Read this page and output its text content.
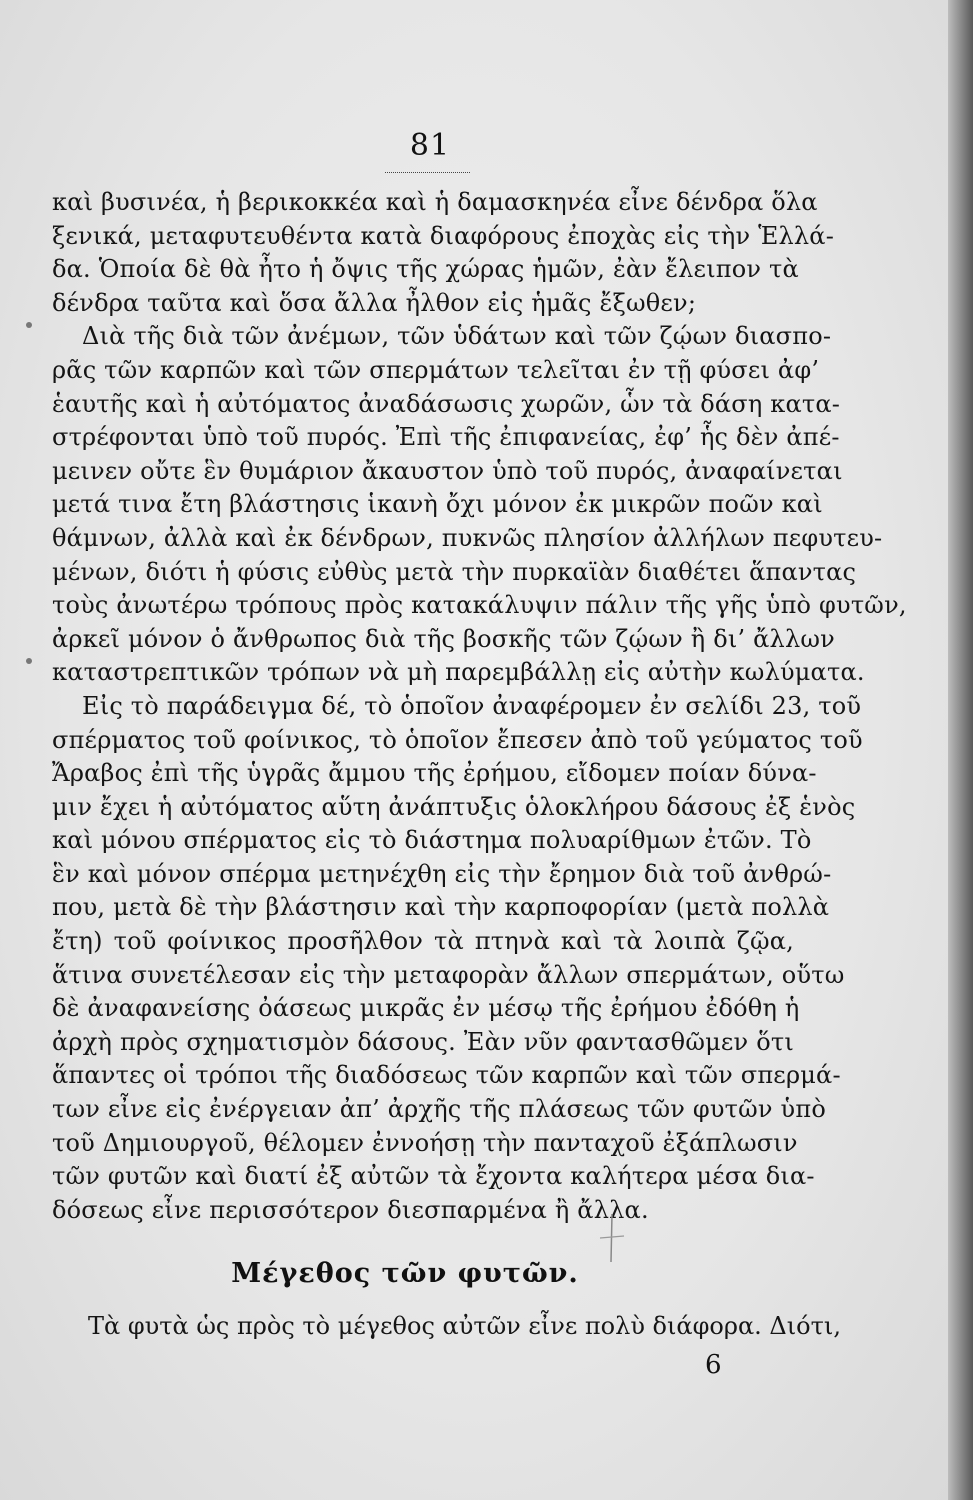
81
καὶ βυσινέα, ἡ βερικοκκέα καὶ ἡ δαμασκηνέα εἶνε δένδρα ὅλα
ξενικά, μεταφυτευθέντα κατὰ διαφόρους ἐποχὰς εἰς τὴν Ἑλλά-
δα. Ὁποία δὲ θὰ ἦτο ἡ ὄψις τῆς χώρας ἡμῶν, ἐὰν ἔλειπον τὰ
δένδρα ταῦτα καὶ ὅσα ἄλλα ἦλθον εἰς ἡμᾶς ἔξωθεν;
Διὰ τῆς διὰ τῶν ἀνέμων, τῶν ὑδάτων καὶ τῶν ζῴων διασπο-
ρᾶς τῶν καρπῶν καὶ τῶν σπερμάτων τελεῖται ἐν τῇ φύσει ἀφ’
ἑαυτῆς καὶ ἡ αὐτόματος ἀναδάσωσις χωρῶν, ὧν τὰ δάση κατα-
στρέφονται ὑπὸ τοῦ πυρός. Ἐπὶ τῆς ἐπιφανείας, ἐφ’ ἧς δὲν ἀπέ-
μεινεν οὔτε ἓν θυμάριον ἄκαυστον ὑπὸ τοῦ πυρός, ἀναφαίνεται
μετά τινα ἔτη βλάστησις ἱκανὴ ὄχι μόνον ἐκ μικρῶν ποῶν καὶ
θάμνων, ἀλλὰ καὶ ἐκ δένδρων, πυκνῶς πλησίον ἀλλήλων πεφυτευ-
μένων, διότι ἡ φύσις εὐθὺς μετὰ τὴν πυρκαϊὰν διαθέτει ἅπαντας
τοὺς ἀνωτέρω τρόπους πρὸς κατακάλυψιν πάλιν τῆς γῆς ὑπὸ φυτῶν,
ἀρκεῖ μόνον ὁ ἄνθρωπος διὰ τῆς βοσκῆς τῶν ζῴων ἢ δι’ ἄλλων
καταστρεπτικῶν τρόπων νὰ μὴ παρεμβάλλῃ εἰς αὐτὴν κωλύματα.
Εἰς τὸ παράδειγμα δέ, τὸ ὁποῖον ἀναφέρομεν ἐν σελίδι 23, τοῦ
σπέρματος τοῦ φοίνικος, τὸ ὁποῖον ἔπεσεν ἀπὸ τοῦ γεύματος τοῦ
Ἄραβος ἐπὶ τῆς ὑγρᾶς ἄμμου τῆς ἐρήμου, εἴδομεν ποίαν δύνα-
μιν ἔχει ἡ αὐτόματος αὕτη ἀνάπτυξις ὁλοκλήρου δάσους ἐξ ἑνὸς
καὶ μόνου σπέρματος εἰς τὸ διάστημα πολυαρίθμων ἐτῶν. Τὸ
ἓν καὶ μόνον σπέρμα μετηνέχθη εἰς τὴν ἔρημον διὰ τοῦ ἀνθρώ-
που, μετὰ δὲ τὴν βλάστησιν καὶ τὴν καρποφορίαν (μετὰ πολλὰ
ἔτη) τοῦ φοίνικος προσῆλθον τὰ πτηνὰ καὶ τὰ λοιπὰ ζῷα,
ἅτινα συνετέλεσαν εἰς τὴν μεταφορὰν ἄλλων σπερμάτων, οὕτω
δὲ ἀναφανείσης ὀάσεως μικρᾶς ἐν μέσῳ τῆς ἐρήμου ἐδόθη ἡ
ἀρχὴ πρὸς σχηματισμὸν δάσους. Ἐὰν νῦν φαντασθῶμεν ὅτι
ἅπαντες οἱ τρόποι τῆς διαδόσεως τῶν καρπῶν καὶ τῶν σπερμά-
των εἶνε εἰς ἐνέργειαν ἀπ’ ἀρχῆς τῆς πλάσεως τῶν φυτῶν ὑπὸ
τοῦ Δημιουργοῦ, θέλομεν ἐννοήσῃ τὴν πανταχοῦ ἐξάπλωσιν
τῶν φυτῶν καὶ διατί ἐξ αὐτῶν τὰ ἔχοντα καλήτερα μέσα δια-
δόσεως εἶνε περισσότερον διεσπαρμένα ἢ ἄλλα.
Μέγεθος τῶν φυτῶν.
Τὰ φυτὰ ὡς πρὸς τὸ μέγεθος αὐτῶν εἶνε πολὺ διάφορα. Διότι,
6
